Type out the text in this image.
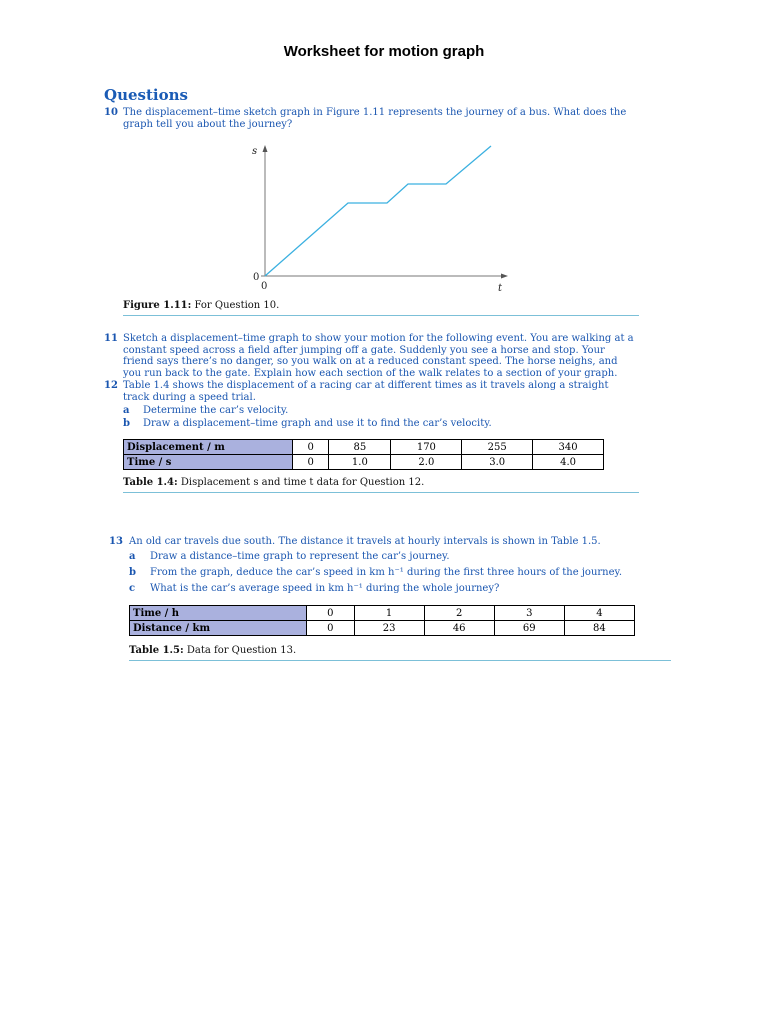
Worksheet for motion graph
Questions
10 The displacement–time sketch graph in Figure 1.11 represents the journey of a bus. What does the graph tell you about the journey?
s
0
0	t
Figure 1.11: For Question 10.
11 Sketch a displacement–time graph to show your motion for the following event. You are walking at a constant speed across a field after jumping off a gate. Suddenly you see a horse and stop. Your friend says there’s no danger, so you walk on at a reduced constant speed. The horse neighs, and you run back to the gate. Explain how each section of the walk relates to a section of your graph.
12 Table 1.4 shows the displacement of a racing car at different times as it travels along a straight track during a speed trial.
a Determine the car’s velocity.
b Draw a displacement–time graph and use it to find the car’s velocity.
Displacement / m	0	85	170	255	340
Time / s	0	1.0	2.0	3.0	4.0
Table 1.4: Displacement s and time t data for Question 12.
13 An old car travels due south. The distance it travels at hourly intervals is shown in Table 1.5.
a Draw a distance–time graph to represent the car’s journey.
b From the graph, deduce the car’s speed in km h⁻¹ during the first three hours of the journey.
c What is the car’s average speed in km h⁻¹ during the whole journey?
Time / h	0	1	2	3	4
Distance / km	0	23	46	69	84
Table 1.5: Data for Question 13.
